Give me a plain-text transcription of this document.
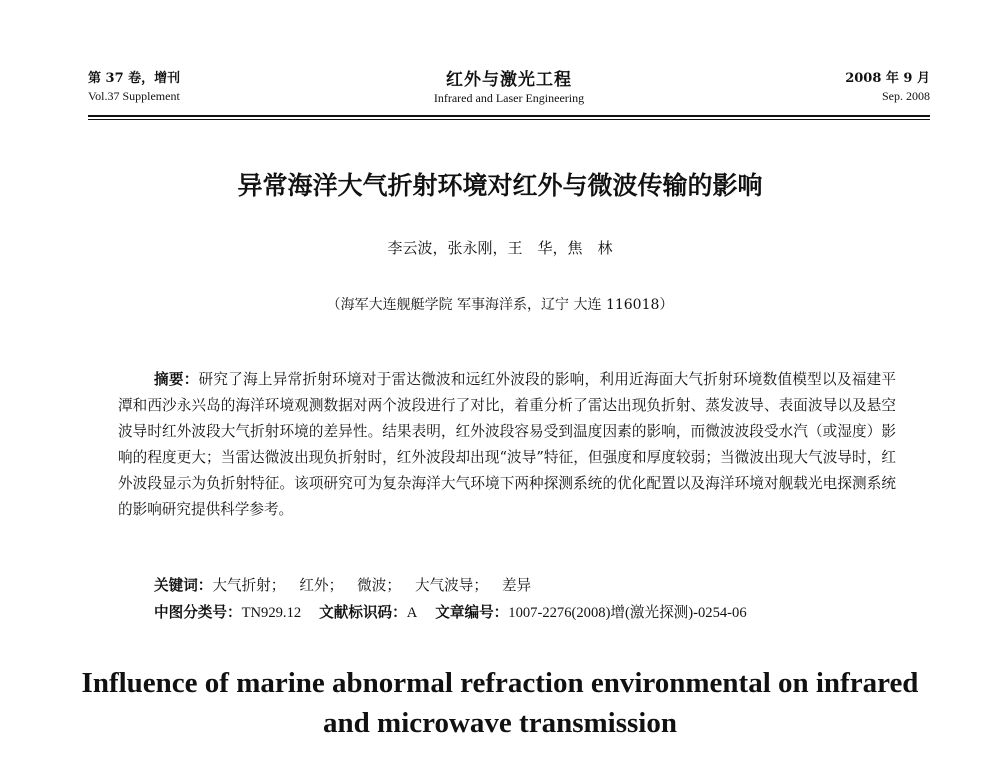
第 37 卷，增刊
Vol.37 Supplement
红外与激光工程
Infrared and Laser Engineering
2008 年 9 月
Sep. 2008
异常海洋大气折射环境对红外与微波传输的影响
李云波，张永刚，王　华，焦　林
（海军大连舰艇学院 军事海洋系，辽宁 大连 116018）

摘要：研究了海上异常折射环境对于雷达微波和远红外波段的影响，利用近海面大气折射环境数值模型以及福建平潭和西沙永兴岛的海洋环境观测数据对两个波段进行了对比，着重分析了雷达出现负折射、蒸发波导、表面波导以及悬空波导时红外波段大气折射环境的差异性。结果表明，红外波段容易受到温度因素的影响，而微波波段受水汽（或湿度）影响的程度更大；当雷达微波出现负折射时，红外波段却出现“波导”特征，但强度和厚度较弱；当微波出现大气波导时，红外波段显示为负折射特征。该项研究可为复杂海洋大气环境下两种探测系统的优化配置以及海洋环境对舰载光电探测系统的影响研究提供科学参考。

关键词：大气折射； 红外； 微波； 大气波导； 差异
中图分类号：TN929.12 文献标识码：A 文章编号：1007-2276(2008)增(激光探测)-0254-06
Influence of marine abnormal refraction environmental on infrared
and microwave transmission
